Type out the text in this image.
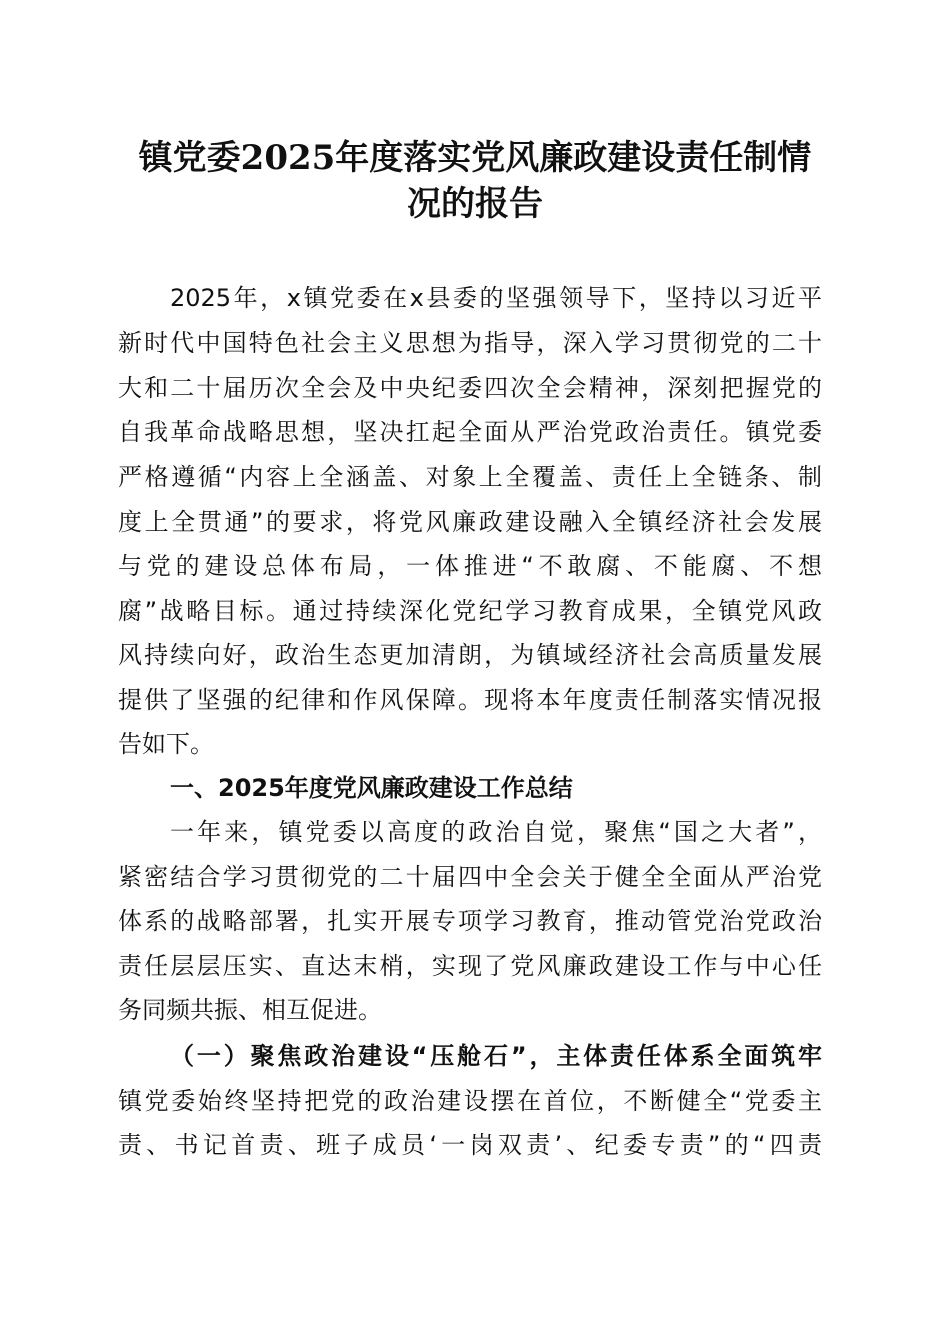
镇党委2025年度落实党风廉政建设责任制情
况的报告
2025年，x镇党委在x县委的坚强领导下，坚持以习近平
新时代中国特色社会主义思想为指导，深入学习贯彻党的二十
大和二十届历次全会及中央纪委四次全会精神，深刻把握党的
自我革命战略思想，坚决扛起全面从严治党政治责任。镇党委
严格遵循“内容上全涵盖、对象上全覆盖、责任上全链条、制
度上全贯通”的要求，将党风廉政建设融入全镇经济社会发展
与党的建设总体布局，一体推进“不敢腐、不能腐、不想
腐”战略目标。通过持续深化党纪学习教育成果，全镇党风政
风持续向好，政治生态更加清朗，为镇域经济社会高质量发展
提供了坚强的纪律和作风保障。现将本年度责任制落实情况报
告如下。
一、2025年度党风廉政建设工作总结
一年来，镇党委以高度的政治自觉，聚焦“国之大者”，
紧密结合学习贯彻党的二十届四中全会关于健全全面从严治党
体系的战略部署，扎实开展专项学习教育，推动管党治党政治
责任层层压实、直达末梢，实现了党风廉政建设工作与中心任
务同频共振、相互促进。
（一）聚焦政治建设“压舱石”，主体责任体系全面筑牢
镇党委始终坚持把党的政治建设摆在首位，不断健全“党委主
责、书记首责、班子成员‘一岗双责’、纪委专责”的“四责
